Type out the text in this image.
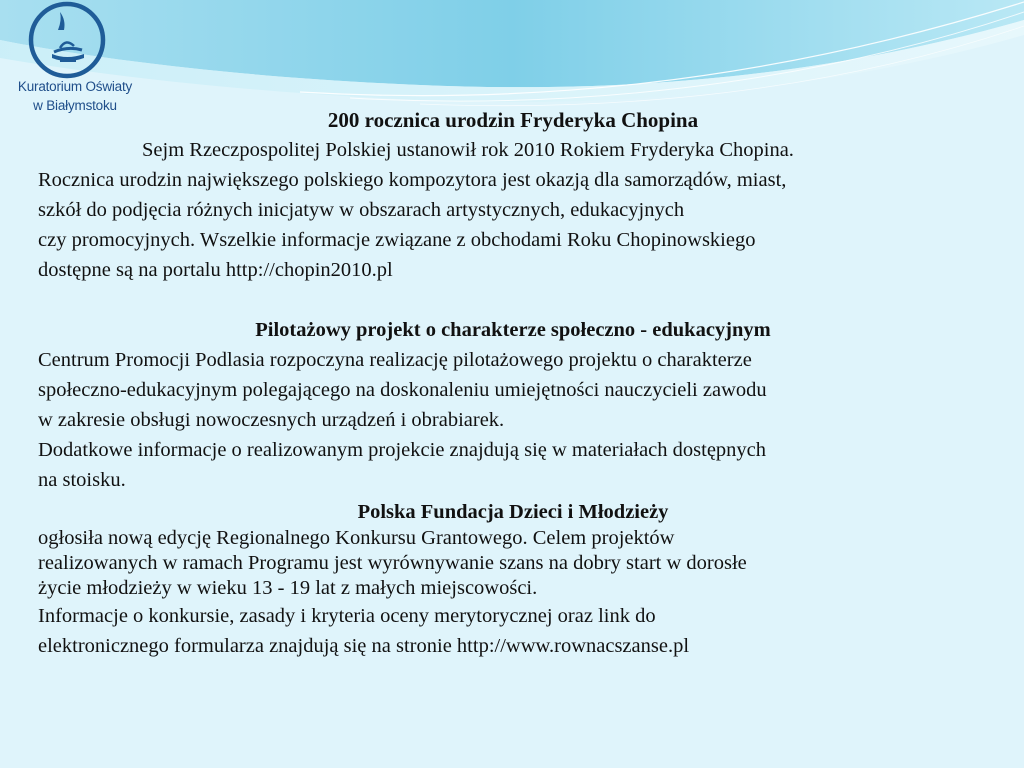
Kuratorium Oświaty
w Białymstoku
200 rocznica urodzin Fryderyka Chopina
Sejm Rzeczpospolitej Polskiej ustanowił rok 2010 Rokiem Fryderyka Chopina.
Rocznica urodzin największego polskiego kompozytora jest okazją dla samorządów, miast,
szkół do podjęcia różnych inicjatyw w obszarach artystycznych, edukacyjnych
czy promocyjnych. Wszelkie informacje związane z obchodami Roku Chopinowskiego
dostępne są na portalu http://chopin2010.pl
Pilotażowy projekt o charakterze społeczno - edukacyjnym
Centrum Promocji Podlasia rozpoczyna realizację pilotażowego projektu o charakterze
społeczno-edukacyjnym polegającego na doskonaleniu umiejętności nauczycieli zawodu
w zakresie obsługi nowoczesnych urządzeń i obrabiarek.
Dodatkowe informacje o realizowanym projekcie znajdują się w materiałach dostępnych
na stoisku.
Polska Fundacja Dzieci i Młodzieży
ogłosiła nową edycję Regionalnego Konkursu Grantowego. Celem projektów
realizowanych w ramach Programu jest wyrównywanie szans na dobry start w dorosłe
życie młodzieży w wieku 13 - 19 lat z małych miejscowości.
Informacje o konkursie, zasady i kryteria oceny merytorycznej oraz link do
elektronicznego formularza znajdują się na stronie http://www.rownacszanse.pl
